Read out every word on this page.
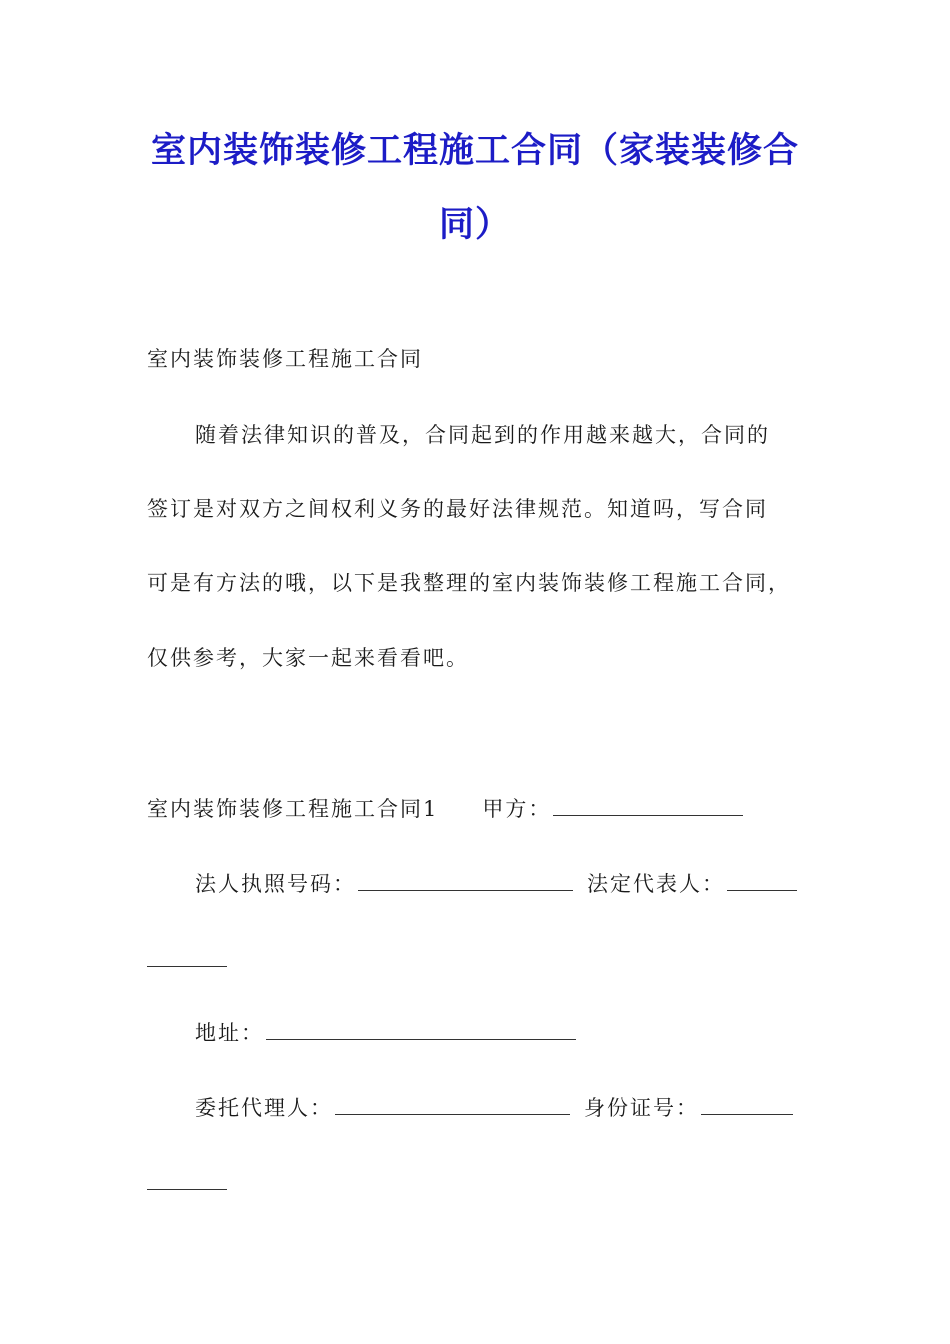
室内装饰装修工程施工合同（家装装修合
同）
室内装饰装修工程施工合同
随着法律知识的普及，合同起到的作用越来越大，合同的
签订是对双方之间权利义务的最好法律规范。知道吗，写合同
可是有方法的哦，以下是我整理的室内装饰装修工程施工合同，
仅供参考，大家一起来看看吧。
室内装饰装修工程施工合同1 甲方：
法人执照号码：	法定代表人：
地址：
委托代理人：	身份证号：
